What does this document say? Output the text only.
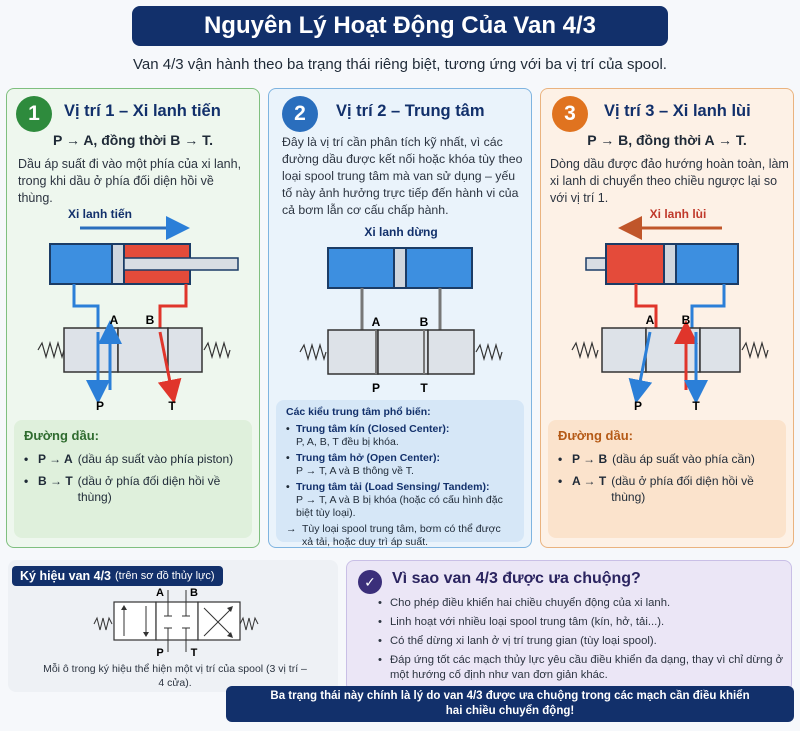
Nguyên Lý Hoạt Động Của Van 4/3
Van 4/3 vận hành theo ba trạng thái riêng biệt, tương ứng với ba vị trí của spool.
1	Vị trí 1 – Xi lanh tiến
P → A, đồng thời B → T.
Dầu áp suất đi vào một phía của xi lanh, trong khi dầu ở phía đối diện hồi về thùng.
Xi lanh tiến
A B
P	T
Đường dầu:
• P → A (dầu áp suất vào phía piston)
• B → T (dầu ở phía đối diện hồi về thùng)
2	Vị trí 2 – Trung tâm
Đây là vị trí cần phân tích kỹ nhất, vì các đường dầu được kết nối hoặc khóa tùy theo loại spool trung tâm mà van sử dụng – yếu tố này ảnh hưởng trực tiếp đến hành vi của cả bơm lẫn cơ cấu chấp hành.
Xi lanh dừng
A	B
P	T
Các kiểu trung tâm phổ biến:
• Trung tâm kín (Closed Center):
P, A, B, T đều bị khóa.
• Trung tâm hở (Open Center):
P → T, A và B thông về T.
• Trung tâm tải (Load Sensing/ Tandem):
P → T, A và B bị khóa (hoặc có cấu hình đặc biệt tùy loại).
→ Tùy loại spool trung tâm, bơm có thể được xả tải, hoặc duy trì áp suất.
3	Vị trí 3 – Xi lanh lùi
P → B, đồng thời A → T.
Dòng dầu được đảo hướng hoàn toàn, làm xi lanh di chuyển theo chiều ngược lại so với vị trí 1.
Xi lanh lùi
A B
P	T
Đường dầu:
• P → B (dầu áp suất vào phía cần)
• A → T (dầu ở phía đối diện hồi về thùng)
Ký hiệu van 4/3 (trên sơ đồ thủy lực)
A B
P T
Mỗi ô trong ký hiệu thể hiện một vị trí của spool (3 vị trí – 4 cửa).
✓	Vì sao van 4/3 được ưa chuộng?
• Cho phép điều khiển hai chiều chuyển động của xi lanh.
• Linh hoạt với nhiều loại spool trung tâm (kín, hở, tải...).
• Có thể dừng xi lanh ở vị trí trung gian (tùy loại spool).
• Đáp ứng tốt các mạch thủy lực yêu cầu điều khiển đa dạng, thay vì chỉ dừng ở một hướng cố định như van đơn giản khác.
Ba trạng thái này chính là lý do van 4/3 được ưa chuộng trong các mạch cần điều khiển
hai chiều chuyển động!
